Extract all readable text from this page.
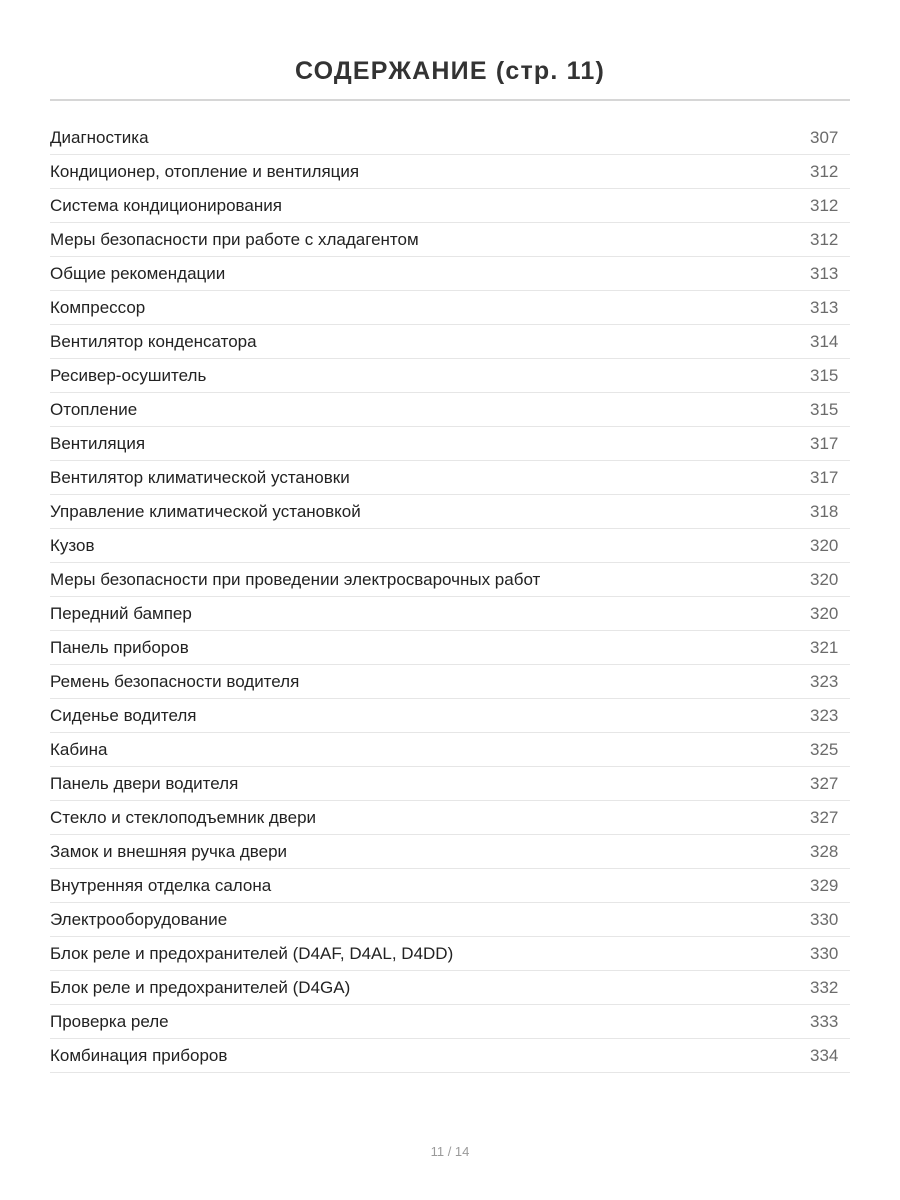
СОДЕРЖАНИЕ (стр. 11)
Диагностика	307
Кондиционер, отопление и вентиляция	312
Система кондиционирования	312
Меры безопасности при работе с хладагентом	312
Общие рекомендации	313
Компрессор	313
Вентилятор конденсатора	314
Ресивер-осушитель	315
Отопление	315
Вентиляция	317
Вентилятор климатической установки	317
Управление климатической установкой	318
Кузов	320
Меры безопасности при проведении электросварочных работ	320
Передний бампер	320
Панель приборов	321
Ремень безопасности водителя	323
Сиденье водителя	323
Кабина	325
Панель двери водителя	327
Стекло и стеклоподъемник двери	327
Замок и внешняя ручка двери	328
Внутренняя отделка салона	329
Электрооборудование	330
Блок реле и предохранителей (D4AF, D4AL, D4DD)	330
Блок реле и предохранителей (D4GA)	332
Проверка реле	333
Комбинация приборов	334
11 / 14
